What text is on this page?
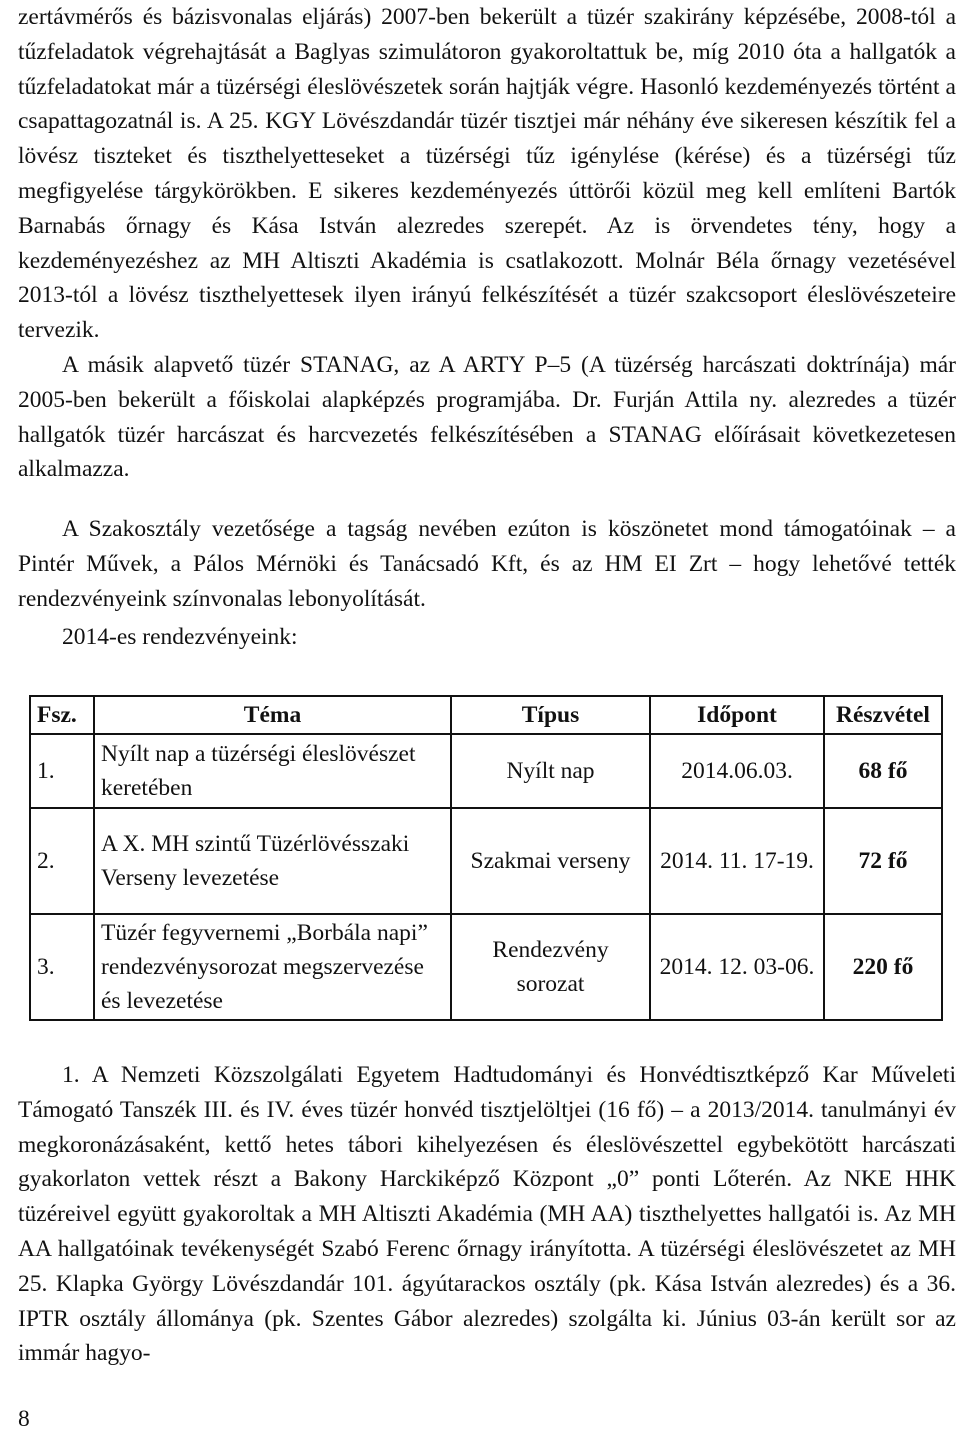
zertávmérős és bázisvonalas eljárás) 2007-ben bekerült a tüzér szakirány képzésébe, 2008-tól a tűzfeladatok végrehajtását a Baglyas szimulátoron gyakoroltattuk be, míg 2010 óta a hallgatók a tűzfeladatokat már a tüzérségi éleslövészetek során hajtják végre. Hasonló kezdeményezés történt a csapattagozatnál is. A 25. KGY Lövészdandár tüzér tisztjei már néhány éve sikeresen készítik fel a lövész tiszteket és tiszthelyetteseket a tüzérségi tűz igénylése (kérése) és a tüzérségi tűz megfigyelése tárgykörökben. E sikeres kezdeményezés úttörői közül meg kell említeni Bartók Barnabás őrnagy és Kása István alezredes szerepét. Az is örvendetes tény, hogy a kezdeményezéshez az MH Altiszti Akadémia is csatlakozott. Molnár Béla őrnagy vezetésével 2013-tól a lövész tiszthelyettesek ilyen irányú felkészítését a tüzér szakcsoport éleslövészeteire tervezik.

A másik alapvető tüzér STANAG, az A ARTY P‒5 (A tüzérség harcászati doktrínája) már 2005-ben bekerült a főiskolai alapképzés programjába. Dr. Furján Attila ny. alezredes a tüzér hallgatók tüzér harcászat és harcvezetés felkészítésében a STANAG előírásait következetesen alkalmazza.

A Szakosztály vezetősége a tagság nevében ezúton is köszönetet mond támogatóinak ‒ a Pintér Művek, a Pálos Mérnöki és Tanácsadó Kft, és az HM EI Zrt ‒ hogy lehetővé tették rendezvényeink színvonalas lebonyolítását.

2014-es rendezvényeink:

Fsz.	Téma	Típus	Időpont	Részvétel
1.	Nyílt nap a tüzérségi éleslövészet keretében	Nyílt nap	2014.06.03.	68 fő
2.	A X. MH szintű Tüzérlövésszaki Verseny levezetése	Szakmai verseny	2014. 11. 17-19.	72 fő
3.	Tüzér fegyvernemi „Borbála napi” rendezvénysorozat megszervezése és levezetése	Rendezvény sorozat	2014. 12. 03-06.	220 fő

1. A Nemzeti Közszolgálati Egyetem Hadtudományi és Honvédtisztképző Kar Műveleti Támogató Tanszék III. és IV. éves tüzér honvéd tisztjelöltjei (16 fő) ‒ a 2013/2014. tanulmányi év megkoronázásaként, kettő hetes tábori kihelyezésen és éleslövészettel egybekötött harcászati gyakorlaton vettek részt a Bakony Harckiképző Központ „0” ponti Lőterén. Az NKE HHK tüzéreivel együtt gyakoroltak a MH Altiszti Akadémia (MH AA) tiszthelyettes hallgatói is. Az MH AA hallgatóinak tevékenységét Szabó Ferenc őrnagy irányította. A tüzérségi éleslövészetet az MH 25. Klapka György Lövészdandár 101. ágyútarackos osztály (pk. Kása István alezredes) és a 36. IPTR osztály állománya (pk. Szentes Gábor alezredes) szolgálta ki. Június 03-án került sor az immár hagyo-

8
